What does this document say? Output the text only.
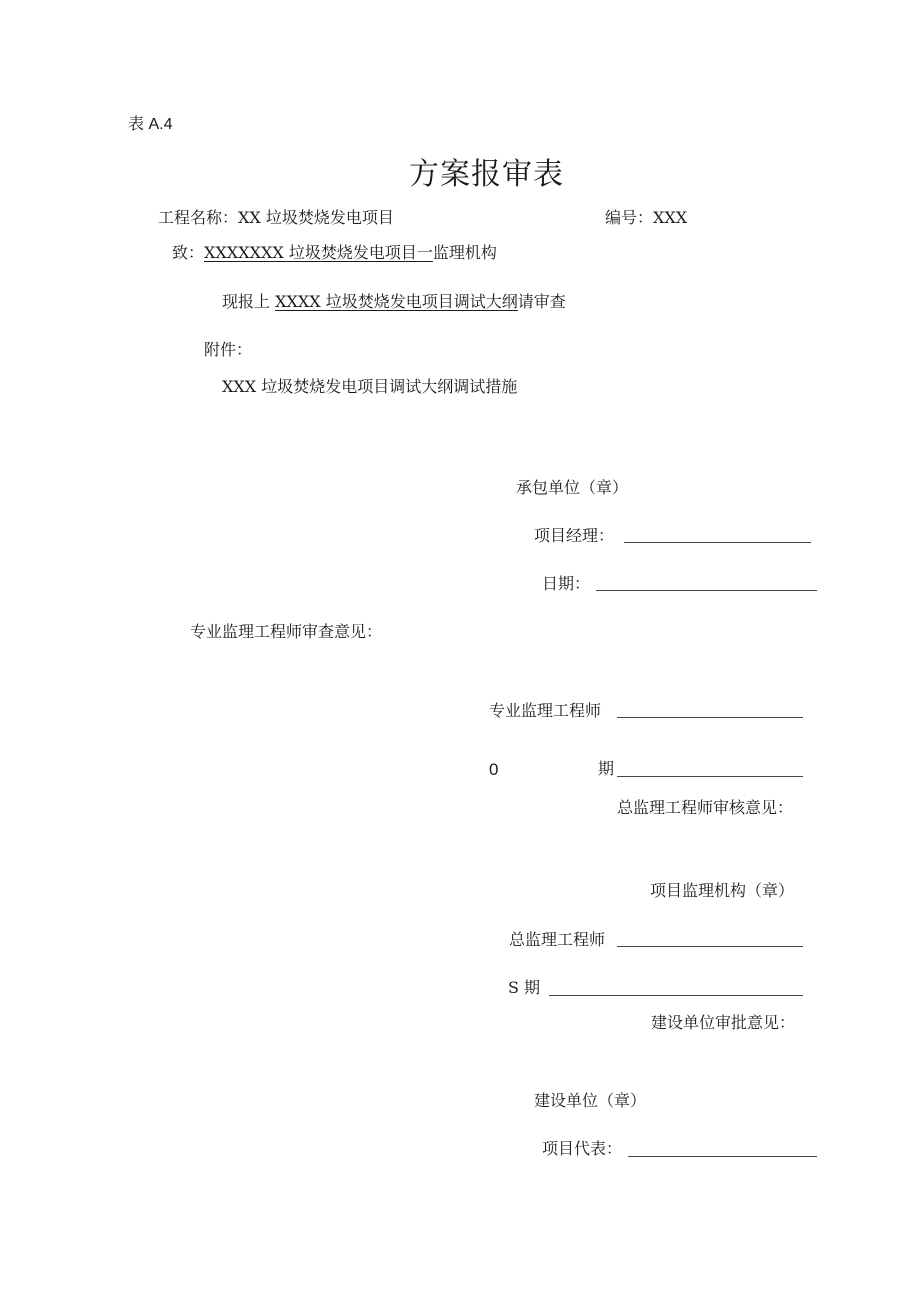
表 A.4
方案报审表
工程名称：XX 垃圾焚烧发电项目	编号：XXX
致：XXXXXXX 垃圾焚烧发电项目一监理机构
现报上 XXXX 垃圾焚烧发电项目调试大纲请审查
附件：
XXX 垃圾焚烧发电项目调试大纲调试措施
承包单位（章）
项目经理：
日期：
专业监理工程师审查意见：
专业监理工程师
0	期
总监理工程师审核意见：
项目监理机构（章）
总监理工程师
S 期
建设单位审批意见：
建设单位（章）
项目代表：
